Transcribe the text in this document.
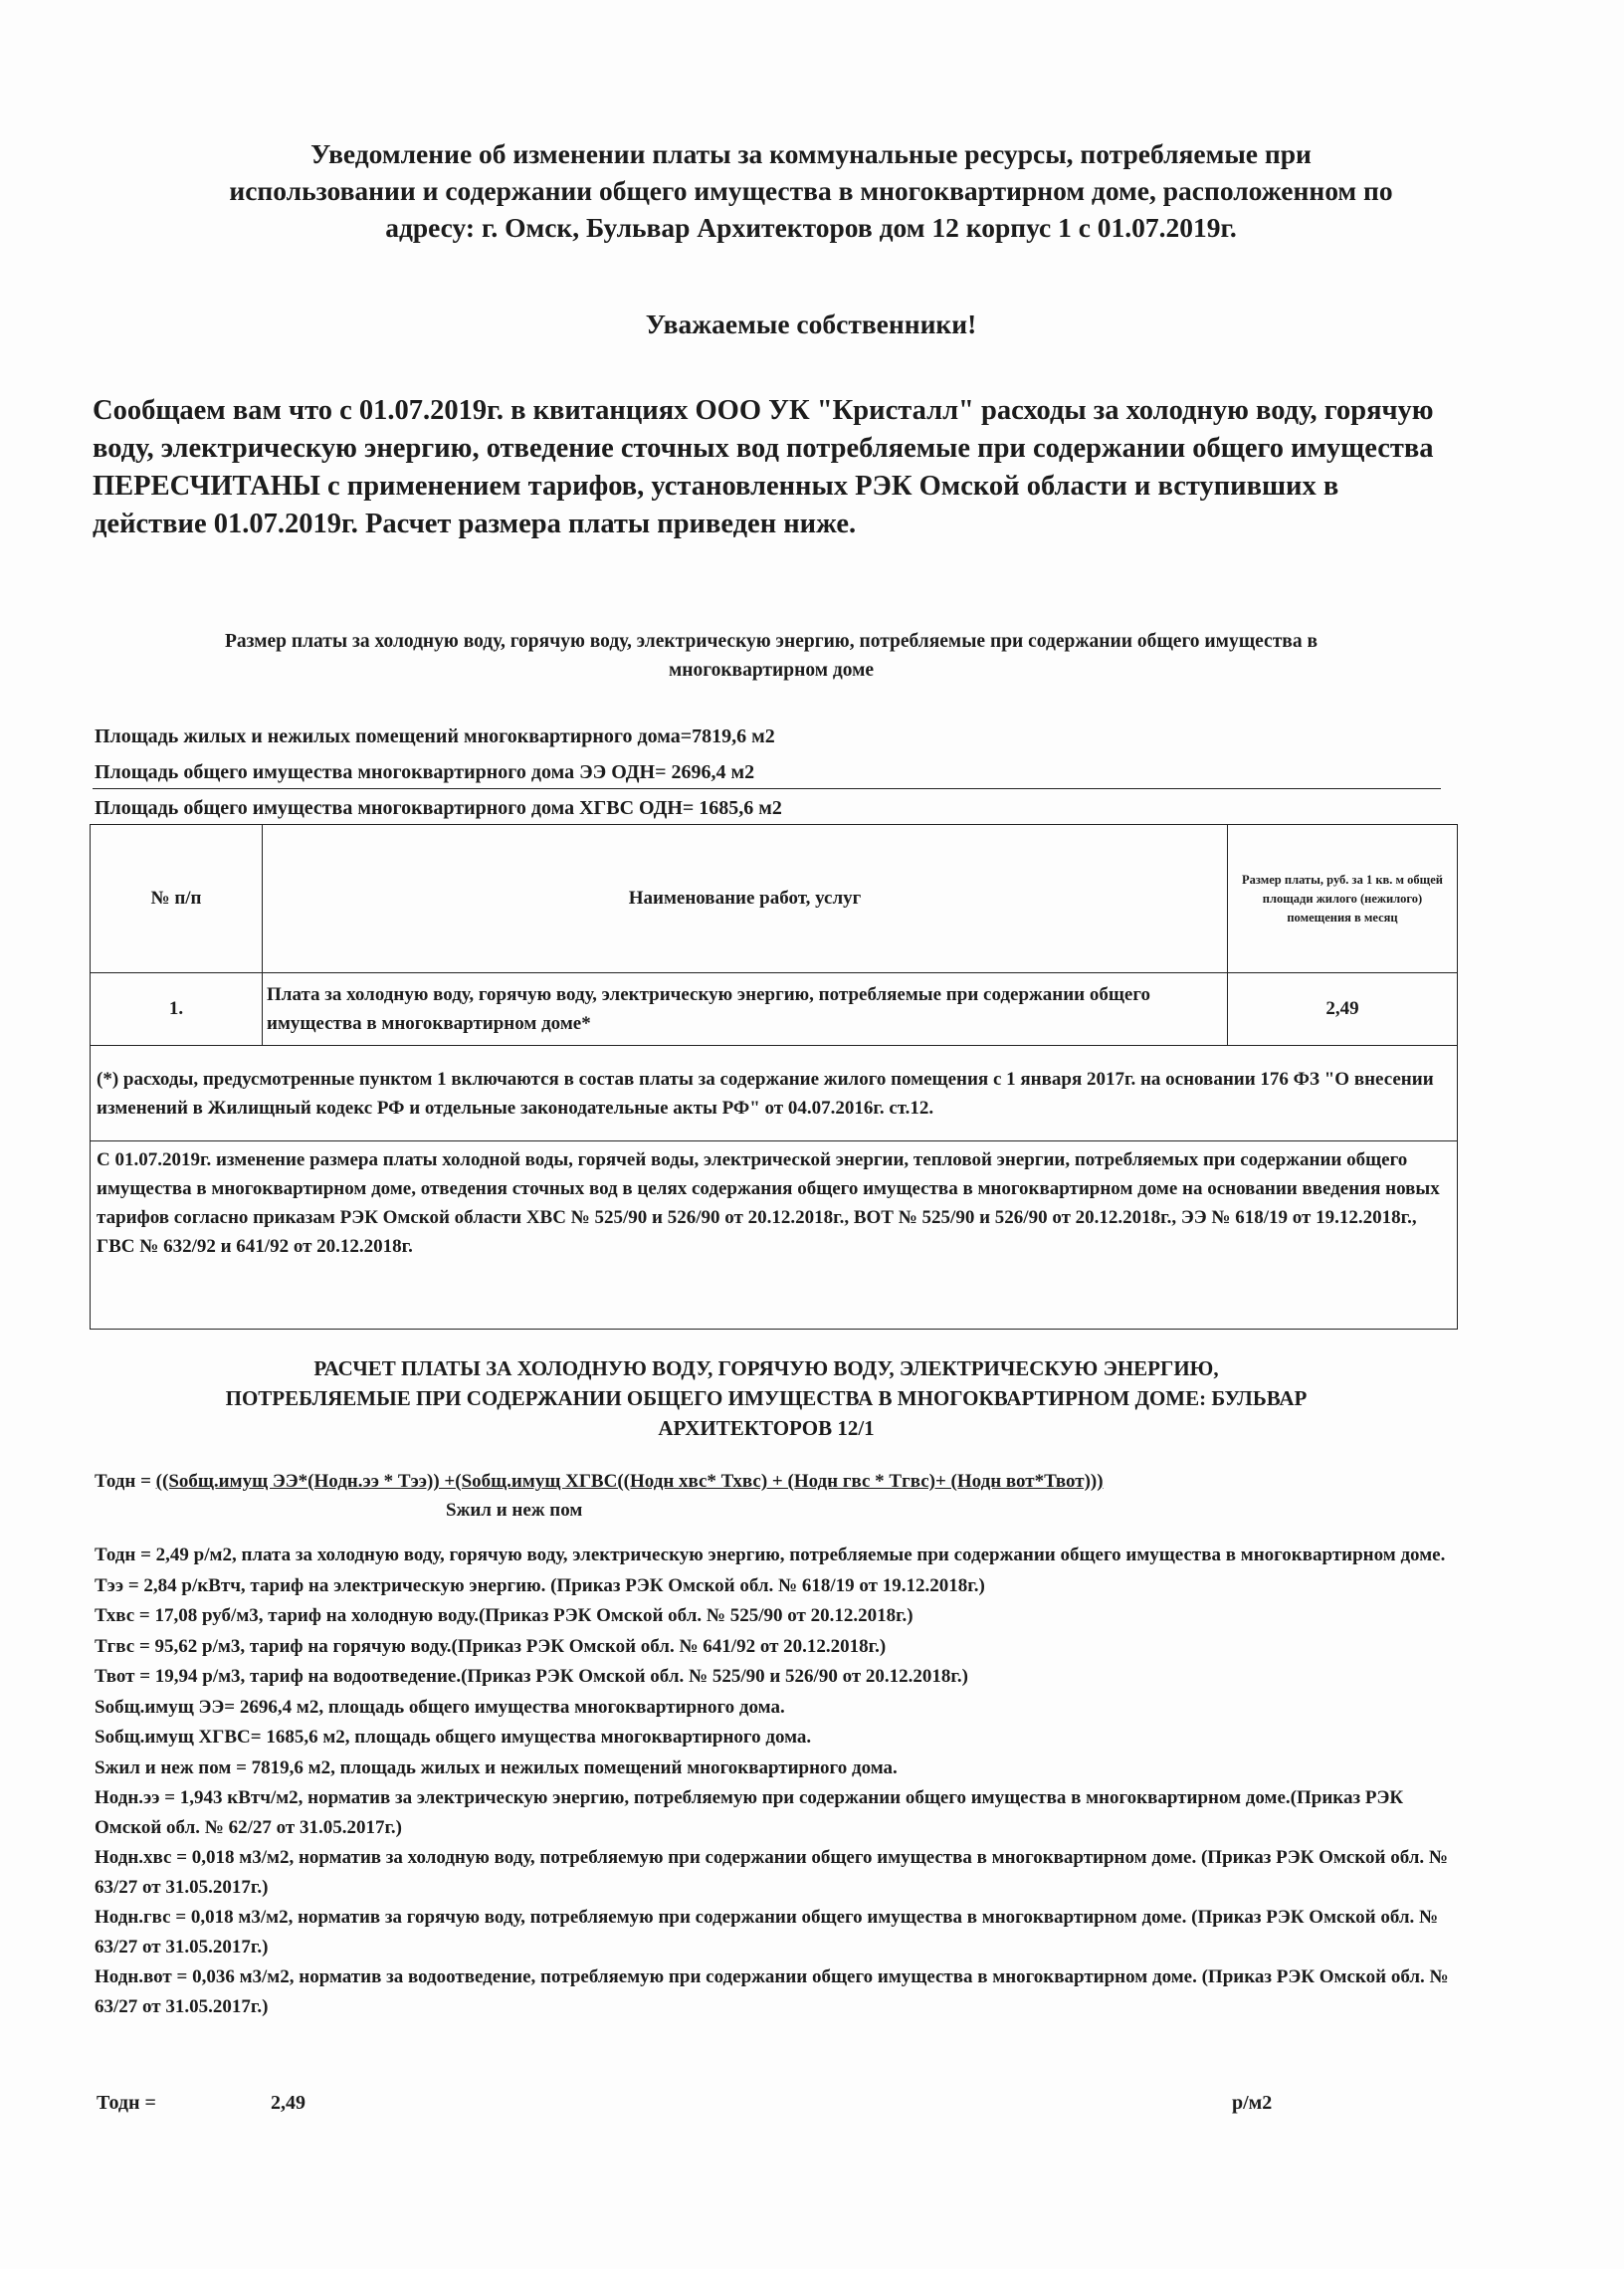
Уведомление об изменении платы за коммунальные ресурсы, потребляемые при
использовании и содержании общего имущества в многоквартирном доме, расположенном по
адресу: г. Омск, Бульвар Архитекторов дом 12 корпус 1 с 01.07.2019г.
Уважаемые собственники!
Сообщаем вам что с 01.07.2019г. в квитанциях ООО УК "Кристалл" расходы за холодную воду, горячую воду, электрическую энергию, отведение сточных вод потребляемые при содержании общего имущества ПЕРЕСЧИТАНЫ с применением тарифов, установленных РЭК Омской области и вступивших в действие 01.07.2019г. Расчет размера платы приведен ниже.
Размер платы за холодную воду, горячую воду, электрическую энергию, потребляемые при содержании общего имущества в
многоквартирном доме
Площадь жилых и нежилых помещений многоквартирного дома=7819,6 м2
Площадь общего имущества многоквартирного дома ЭЭ ОДН= 2696,4 м2
Площадь общего имущества многоквартирного дома ХГВС ОДН= 1685,6 м2
№ п/п	Наименование работ, услуг	Размер платы, руб. за 1 кв. м общей площади жилого (нежилого) помещения в месяц
1.	Плата за холодную воду, горячую воду, электрическую энергию, потребляемые при содержании общего имущества в многоквартирном доме*	2,49
(*) расходы, предусмотренные пунктом 1 включаются в состав платы за содержание жилого помещения с 1 января 2017г. на основании 176 ФЗ "О внесении изменений в Жилищный кодекс РФ и отдельные законодательные акты РФ" от 04.07.2016г. ст.12.		
С 01.07.2019г. изменение размера платы холодной воды, горячей воды, электрической энергии, тепловой энергии, потребляемых при содержании общего имущества в многоквартирном доме, отведения сточных вод в целях содержания общего имущества в многоквартирном доме на основании введения новых тарифов согласно приказам РЭК Омской области ХВС № 525/90 и 526/90 от 20.12.2018г., ВОТ № 525/90 и 526/90 от 20.12.2018г., ЭЭ № 618/19 от 19.12.2018г., ГВС № 632/92 и 641/92 от 20.12.2018г.		
РАСЧЕТ ПЛАТЫ ЗА ХОЛОДНУЮ ВОДУ, ГОРЯЧУЮ ВОДУ, ЭЛЕКТРИЧЕСКУЮ ЭНЕРГИЮ,
ПОТРЕБЛЯЕМЫЕ ПРИ СОДЕРЖАНИИ ОБЩЕГО ИМУЩЕСТВА В МНОГОКВАРТИРНОМ ДОМЕ: БУЛЬВАР
АРХИТЕКТОРОВ 12/1
Тодн = ((Sобщ.имущ ЭЭ*(Нодн.ээ * Тээ)) +(Sобщ.имущ ХГВС((Нодн хвс* Тхвс) + (Нодн гвс * Тгвс)+ (Нодн вот*Твот)))
Sжил и неж пом

Тодн = 2,49 р/м2, плата за холодную воду, горячую воду, электрическую энергию, потребляемые при содержании общего имущества в многоквартирном доме.

Тээ = 2,84 р/кВтч, тариф на электрическую энергию. (Приказ РЭК Омской обл. № 618/19 от 19.12.2018г.)

Тхвс = 17,08 руб/м3, тариф на холодную воду.(Приказ РЭК Омской обл. № 525/90 от 20.12.2018г.)

Тгвс = 95,62 р/м3, тариф на горячую воду.(Приказ РЭК Омской обл. № 641/92 от 20.12.2018г.)

Твот = 19,94 р/м3, тариф на водоотведение.(Приказ РЭК Омской обл. № 525/90 и 526/90 от 20.12.2018г.)

Sобщ.имущ ЭЭ= 2696,4 м2, площадь общего имущества многоквартирного дома.

Sобщ.имущ ХГВС= 1685,6 м2, площадь общего имущества многоквартирного дома.

Sжил и неж пом = 7819,6 м2, площадь жилых и нежилых помещений многоквартирного дома.

Нодн.ээ = 1,943 кВтч/м2, норматив за электрическую энергию, потребляемую при содержании общего имущества в многоквартирном доме.(Приказ РЭК Омской обл. № 62/27 от 31.05.2017г.)

Нодн.хвс = 0,018 м3/м2, норматив за холодную воду, потребляемую при содержании общего имущества в многоквартирном доме. (Приказ РЭК Омской обл. № 63/27 от 31.05.2017г.)

Нодн.гвс = 0,018 м3/м2, норматив за горячую воду, потребляемую при содержании общего имущества в многоквартирном доме. (Приказ РЭК Омской обл. № 63/27 от 31.05.2017г.)

Нодн.вот = 0,036 м3/м2, норматив за водоотведение, потребляемую при содержании общего имущества в многоквартирном доме. (Приказ РЭК Омской обл. № 63/27 от 31.05.2017г.)

Тодн =	2,49	р/м2
